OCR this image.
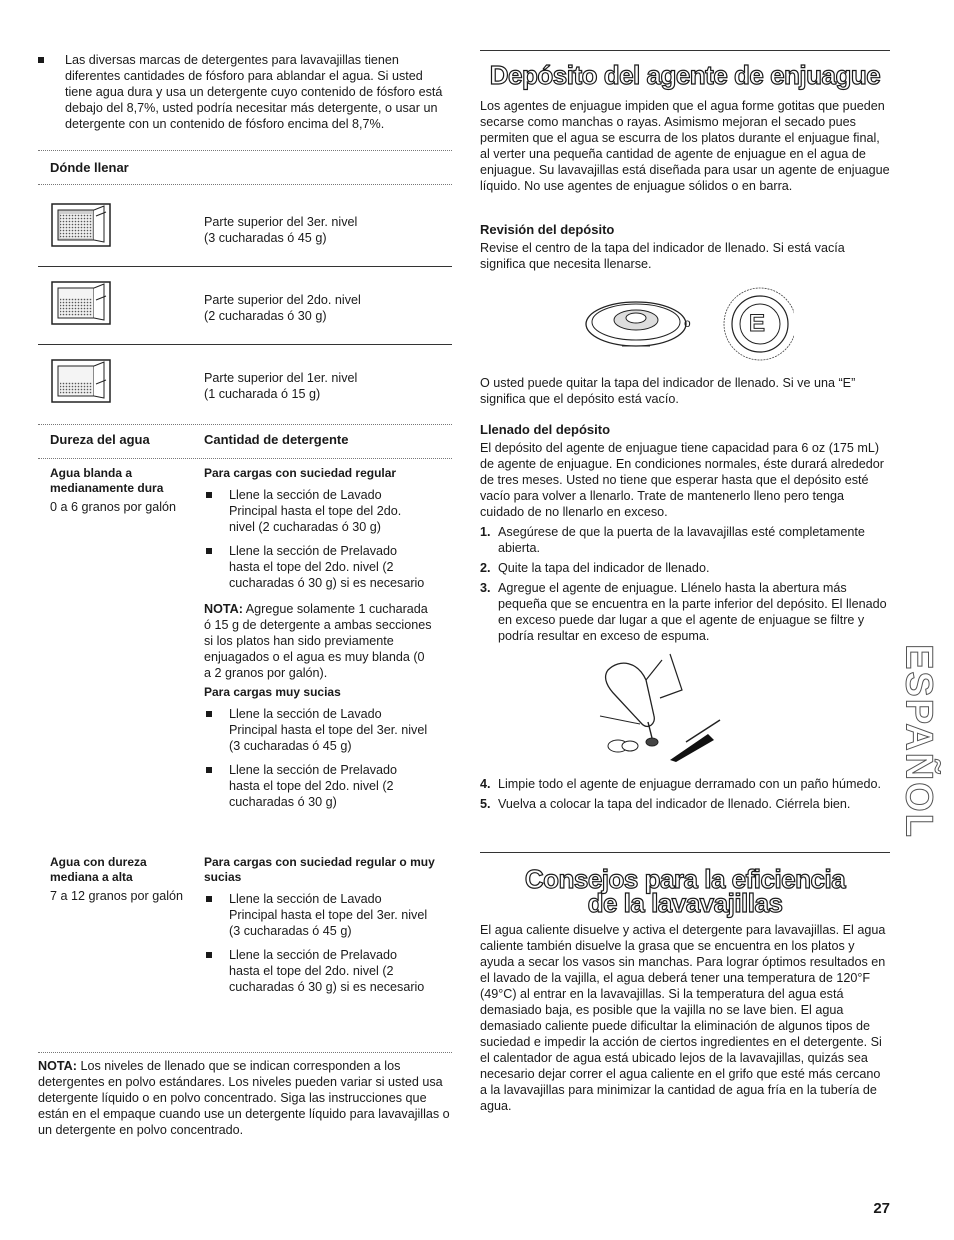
Las diversas marcas de detergentes para lavavajillas tienen diferentes cantidades de fósforo para ablandar el agua. Si usted tiene agua dura y usa un detergente cuyo contenido de fósforo está debajo del 8,7%, usted podría necesitar más detergente, o usar un detergente con un contenido de fósforo encima del 8,7%.

Dónde llenar

Parte superior del 3er. nivel

(3 cucharadas ó 45 g)

Parte superior del 2do. nivel

(2 cucharadas ó 30 g)

Parte superior del 1er. nivel

(1 cucharada ó 15 g)

Dureza del agua	Cantidad de detergente

Agua blanda a medianamente dura

0 a 6 granos por galón

Para cargas con suciedad regular

Llene la sección de Lavado Principal hasta el tope del 2do. nivel (2 cucharadas ó 30 g)

Llene la sección de Prelavado hasta el tope del 2do. nivel (2 cucharadas ó 30 g) si es necesario

NOTA: Agregue solamente 1 cucharada ó 15 g de detergente a ambas secciones si los platos han sido previamente enjuagados o el agua es muy blanda (0 a 2 granos por galón).

Para cargas muy sucias

Llene la sección de Lavado Principal hasta el tope del 3er. nivel (3 cucharadas ó 45 g)

Llene la sección de Prelavado hasta el tope del 2do. nivel (2 cucharadas ó 30 g)

Agua con dureza mediana a alta

7 a 12 granos por galón

Para cargas con suciedad regular o muy sucias

Llene la sección de Lavado Principal hasta el tope del 3er. nivel (3 cucharadas ó 45 g)

Llene la sección de Prelavado hasta el tope del 2do. nivel (2 cucharadas ó 30 g) si es necesario

NOTA: Los niveles de llenado que se indican corresponden a los detergentes en polvo estándares. Los niveles pueden variar si usted usa detergente líquido o en polvo concentrado. Siga las instrucciones que están en el empaque cuando use un detergente líquido para lavavajillas o un detergente en polvo concentrado.

Depósito del agente de enjuague

Los agentes de enjuague impiden que el agua forme gotitas que pueden secarse como manchas o rayas. Asimismo mejoran el secado pues permiten que el agua se escurra de los platos durante el enjuague final, al verter una pequeña cantidad de agente de enjuague en el agua de enjuague. Su lavavajillas está diseñada para usar un agente de enjuague líquido. No use agentes de enjuague sólidos o en barra.

Revisión del depósito

Revise el centro de la tapa del indicador de llenado. Si está vacía significa que necesita llenarse.

o E

O usted puede quitar la tapa del indicador de llenado. Si ve una “E” significa que el depósito está vacío.

Llenado del depósito

El depósito del agente de enjuague tiene capacidad para 6 oz (175 mL) de agente de enjuague. En condiciones normales, éste durará alrededor de tres meses. Usted no tiene que esperar hasta que el depósito esté vacío para volver a llenarlo. Trate de mantenerlo lleno pero tenga cuidado de no llenarlo en exceso.

1. Asegúrese de que la puerta de la lavavajillas esté completamente abierta.

2. Quite la tapa del indicador de llenado.

3. Agregue el agente de enjuague. Llénelo hasta la abertura más pequeña que se encuentra en la parte inferior del depósito. El llenado en exceso puede dar lugar a que el agente de enjuague se filtre y podría resultar en exceso de espuma.

4. Limpie todo el agente de enjuague derramado con un paño húmedo.

5. Vuelva a colocar la tapa del indicador de llenado. Ciérrela bien.

Consejos para la eficiencia

de la lavavajillas

El agua caliente disuelve y activa el detergente para lavavajillas. El agua caliente también disuelve la grasa que se encuentra en los platos y ayuda a secar los vasos sin manchas. Para lograr óptimos resultados en el lavado de la vajilla, el agua deberá tener una temperatura de 120°F (49°C) al entrar en la lavavajillas. Si la temperatura del agua está demasiado baja, es posible que la vajilla no se lave bien. El agua demasiado caliente puede dificultar la eliminación de algunos tipos de suciedad e impedir la acción de ciertos ingredientes en el detergente. Si el calentador de agua está ubicado lejos de la lavavajillas, quizás sea necesario dejar correr el agua caliente en el grifo que esté más cercano a la lavavajillas para minimizar la cantidad de agua fría en la tubería de agua.

ESPAÑOL

27
